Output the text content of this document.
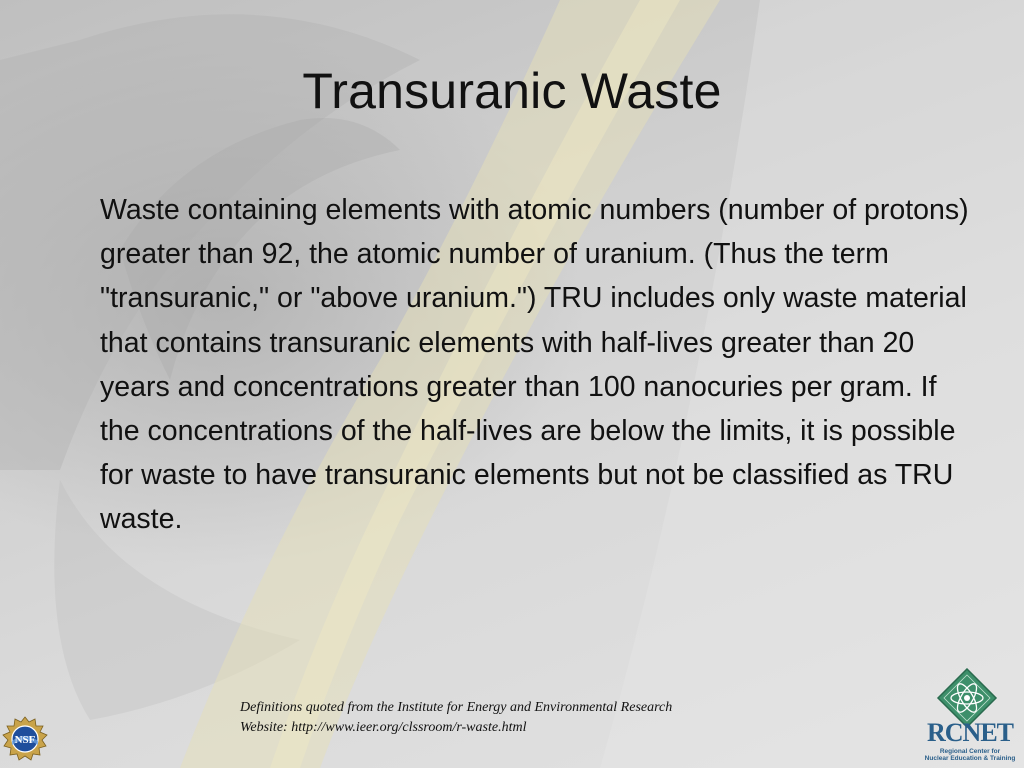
Transuranic Waste

Waste containing elements with atomic numbers (number of protons) greater than 92, the atomic number of uranium. (Thus the term "transuranic," or "above uranium.") TRU includes only waste material that contains transuranic elements with half-lives greater than 20 years and concentrations greater than 100 nanocuries per gram. If the concentrations of the half-lives are below the limits, it is possible for waste to have transuranic elements but not be classified as TRU waste.

Definitions quoted from the Institute for Energy and Environmental Research
Website: http://www.ieer.org/clssroom/r-waste.html
NSF	RCNET
Regional Center for
Nuclear Education & Training
